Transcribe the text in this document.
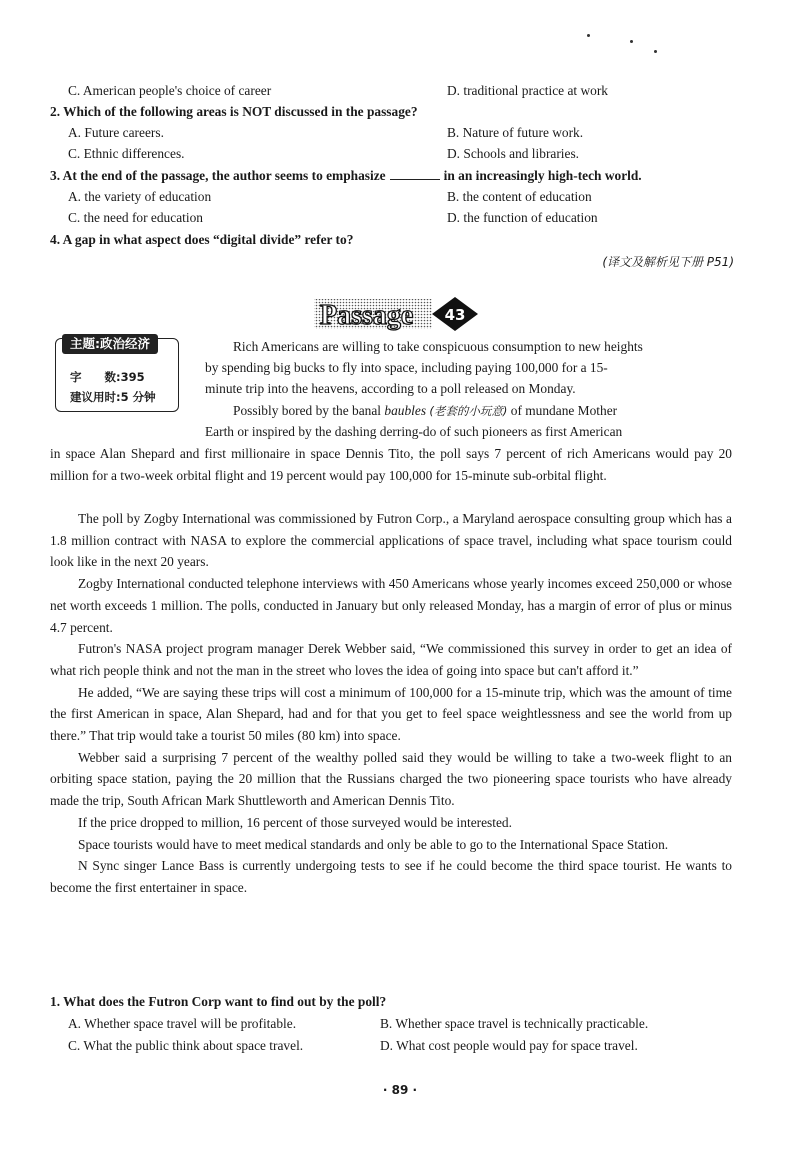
C. American people's choice of career	D. traditional practice at work
2. Which of the following areas is NOT discussed in the passage?
A. Future careers.	B. Nature of future work.
C. Ethnic differences.	D. Schools and libraries.
3. At the end of the passage, the author seems to emphasize	in an increasingly high-tech world.
A. the variety of education	B. the content of education
C. the need for education	D. the function of education
4. A gap in what aspect does “digital divide” refer to?
(译文及解析见下册 P51)
Passage 43
主题:政治经济
字　　数:395
建议用时:5 分钟
Rich Americans are willing to take conspicuous consumption to new heights
by spending big bucks to fly into space, including paying 100,000 for a 15-
minute trip into the heavens, according to a poll released on Monday.
Possibly bored by the banal baubles (老套的小玩意) of mundane Mother
Earth or inspired by the dashing derring-do of such pioneers as first American

in space Alan Shepard and first millionaire in space Dennis Tito, the poll says 7 percent of rich Americans would pay 20 million for a two-week orbital flight and 19 percent would pay 100,000 for 15-minute sub-orbital flight.

The poll by Zogby International was commissioned by Futron Corp., a Maryland aerospace consulting group which has a 1.8 million contract with NASA to explore the commercial applications of space travel, including what space tourism could look like in the next 20 years.

Zogby International conducted telephone interviews with 450 Americans whose yearly incomes exceed 250,000 or whose net worth exceeds 1 million. The polls, conducted in January but only released Monday, has a margin of error of plus or minus 4.7 percent.

Futron's NASA project program manager Derek Webber said, “We commissioned this survey in order to get an idea of what rich people think and not the man in the street who loves the idea of going into space but can't afford it.”

He added, “We are saying these trips will cost a minimum of 100,000 for a 15-minute trip, which was the amount of time the first American in space, Alan Shepard, had and for that you get to feel space weightlessness and see the world from up there.” That trip would take a tourist 50 miles (80 km) into space.

Webber said a surprising 7 percent of the wealthy polled said they would be willing to take a two-week flight to an orbiting space station, paying the 20 million that the Russians charged the two pioneering space tourists who have already made the trip, South African Mark Shuttleworth and American Dennis Tito.

If the price dropped to million, 16 percent of those surveyed would be interested.

Space tourists would have to meet medical standards and only be able to go to the International Space Station.

N Sync singer Lance Bass is currently undergoing tests to see if he could become the third space tourist. He wants to become the first entertainer in space.

1. What does the Futron Corp want to find out by the poll?
A. Whether space travel will be profitable.	B. Whether space travel is technically practicable.
C. What the public think about space travel.	D. What cost people would pay for space travel.
· 89 ·
